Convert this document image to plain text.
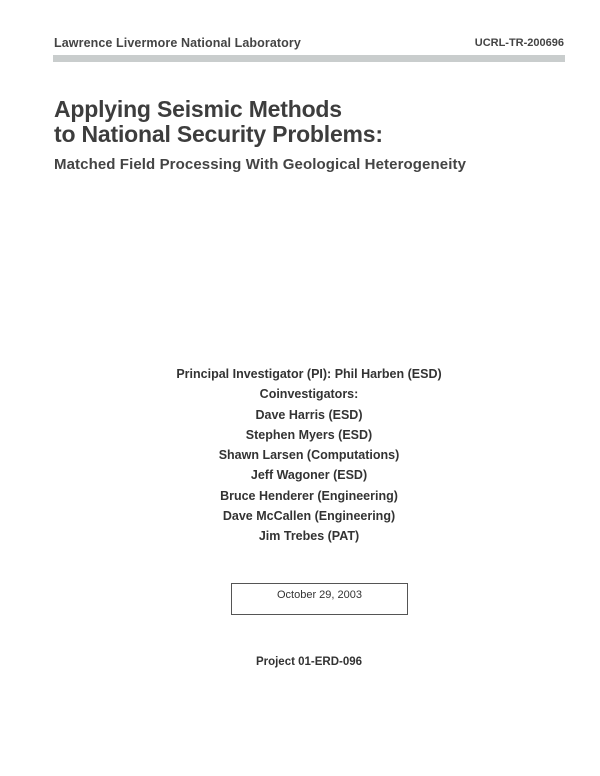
Lawrence Livermore National Laboratory	UCRL-TR-200696
Applying Seismic Methods
to National Security Problems:
Matched Field Processing With Geological Heterogeneity
Principal Investigator (PI): Phil Harben (ESD)
Coinvestigators:
Dave Harris (ESD)
Stephen Myers (ESD)
Shawn Larsen (Computations)
Jeff Wagoner (ESD)
Bruce Henderer (Engineering)
Dave McCallen (Engineering)
Jim Trebes (PAT)
October 29, 2003
Project 01-ERD-096
